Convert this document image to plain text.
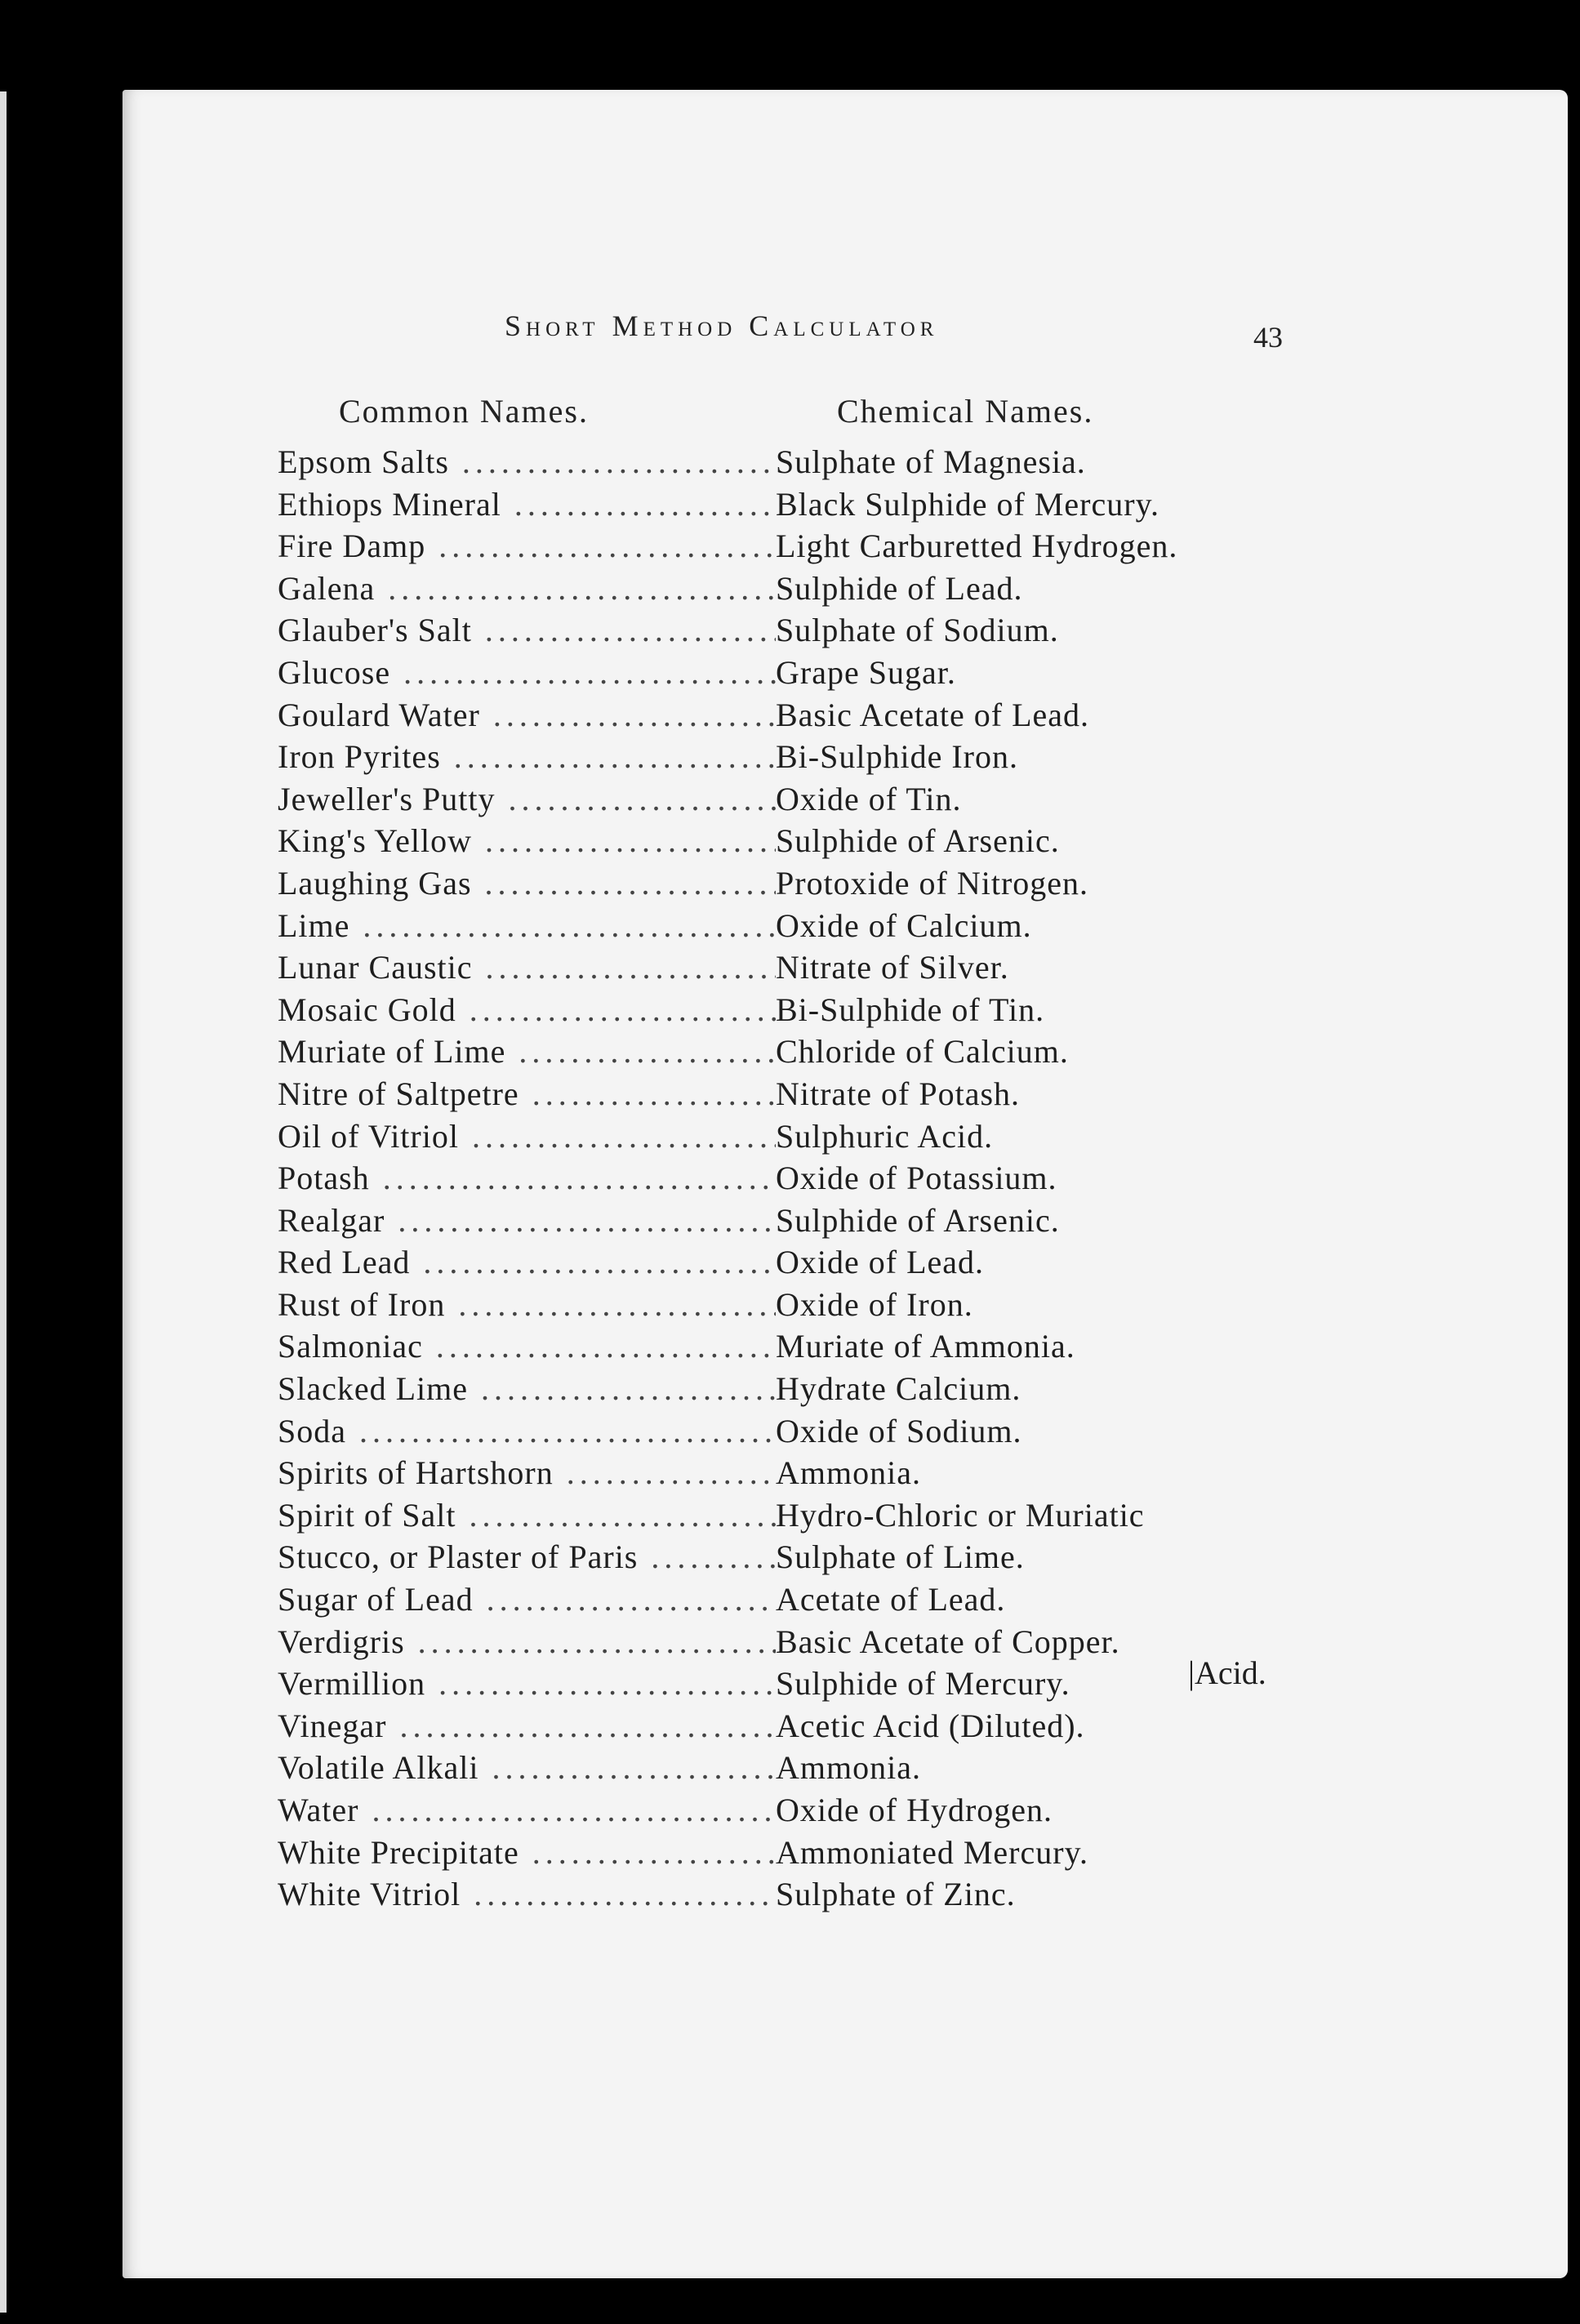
Short Method Calculator	43
Common Names.	Chemical Names.
Epsom Salts .....	Sulphate of Magnesia.
Ethiops Mineral .....	Black Sulphide of Mercury.
Fire Damp .....	Light Carburetted Hydrogen.
Galena .....	Sulphide of Lead.
Glauber's Salt .....	Sulphate of Sodium.
Glucose .....	Grape Sugar.
Goulard Water .....	Basic Acetate of Lead.
Iron Pyrites .....	Bi-Sulphide Iron.
Jeweller's Putty .....	Oxide of Tin.
King's Yellow .....	Sulphide of Arsenic.
Laughing Gas .....	Protoxide of Nitrogen.
Lime .....	Oxide of Calcium.
Lunar Caustic .....	Nitrate of Silver.
Mosaic Gold .....	Bi-Sulphide of Tin.
Muriate of Lime .....	Chloride of Calcium.
Nitre of Saltpetre .....	Nitrate of Potash.
Oil of Vitriol .....	Sulphuric Acid.
Potash .....	Oxide of Potassium.
Realgar .....	Sulphide of Arsenic.
Red Lead .....	Oxide of Lead.
Rust of Iron .....	Oxide of Iron.
Salmoniac .....	Muriate of Ammonia.
Slacked Lime .....	Hydrate Calcium.
Soda .....	Oxide of Sodium.
Spirits of Hartshorn .....	Ammonia.
Spirit of Salt .....	Hydro-Chloric or Muriatic
Stucco, or Plaster of Paris .....	Sulphate of Lime.
Sugar of Lead .....	Acetate of Lead.
Verdigris .....	Basic Acetate of Copper.
Vermillion .....	Sulphide of Mercury.
Vinegar .....	Acetic Acid (Diluted).
Volatile Alkali .....	Ammonia.
Water .....	Oxide of Hydrogen.
White Precipitate .....	Ammoniated Mercury.
White Vitriol .....	Sulphate of Zinc.
|Acid.
